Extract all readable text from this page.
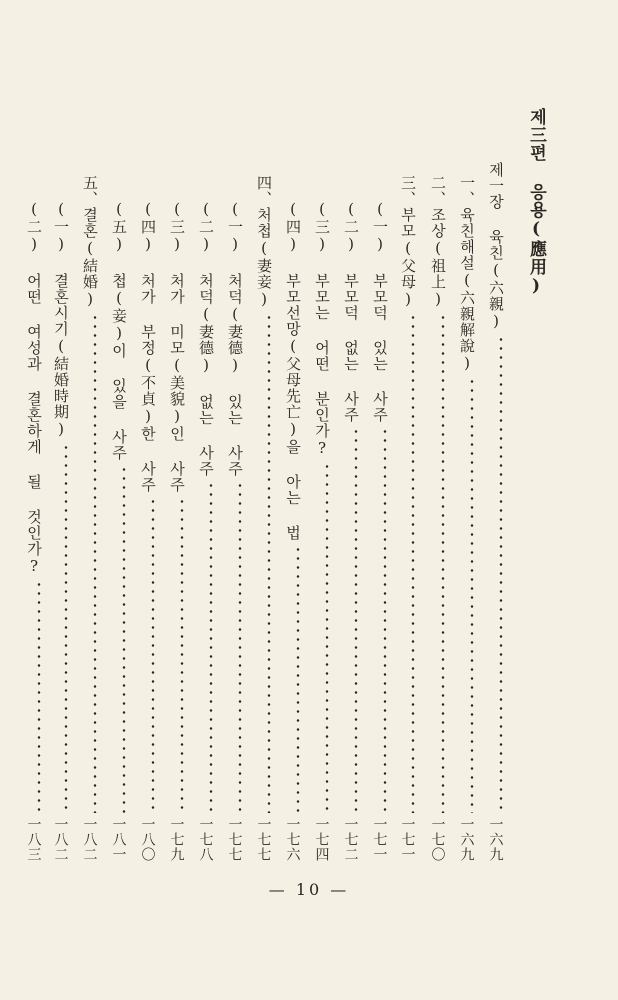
제三편 응용(應用)
제一장 육친(六親)
一六九
一、육친해설(六親解說)
一六九
二、조상(祖上)
一七〇
三、부모(父母)
一七一
(一) 부모덕 있는 사주
一七一
(二) 부모덕 없는 사주
一七二
(三) 부모는 어떤 분인가?
一七四
(四) 부모선망(父母先亡)을 아는 법
一七六
四、처첩(妻妾)
一七七
(一) 처덕(妻德) 있는 사주
一七七
(二) 처덕(妻德) 없는 사주
一七八
(三) 처가 미모(美貌)인 사주
一七九
(四) 처가 부정(不貞)한 사주
一八〇
(五) 첩(妾)이 있을 사주
一八一
五、결혼(結婚)
一八二
(一) 결혼시기(結婚時期)
一八二
(二) 어떤 여성과 결혼하게 될 것인가?
一八三
— 10 —
